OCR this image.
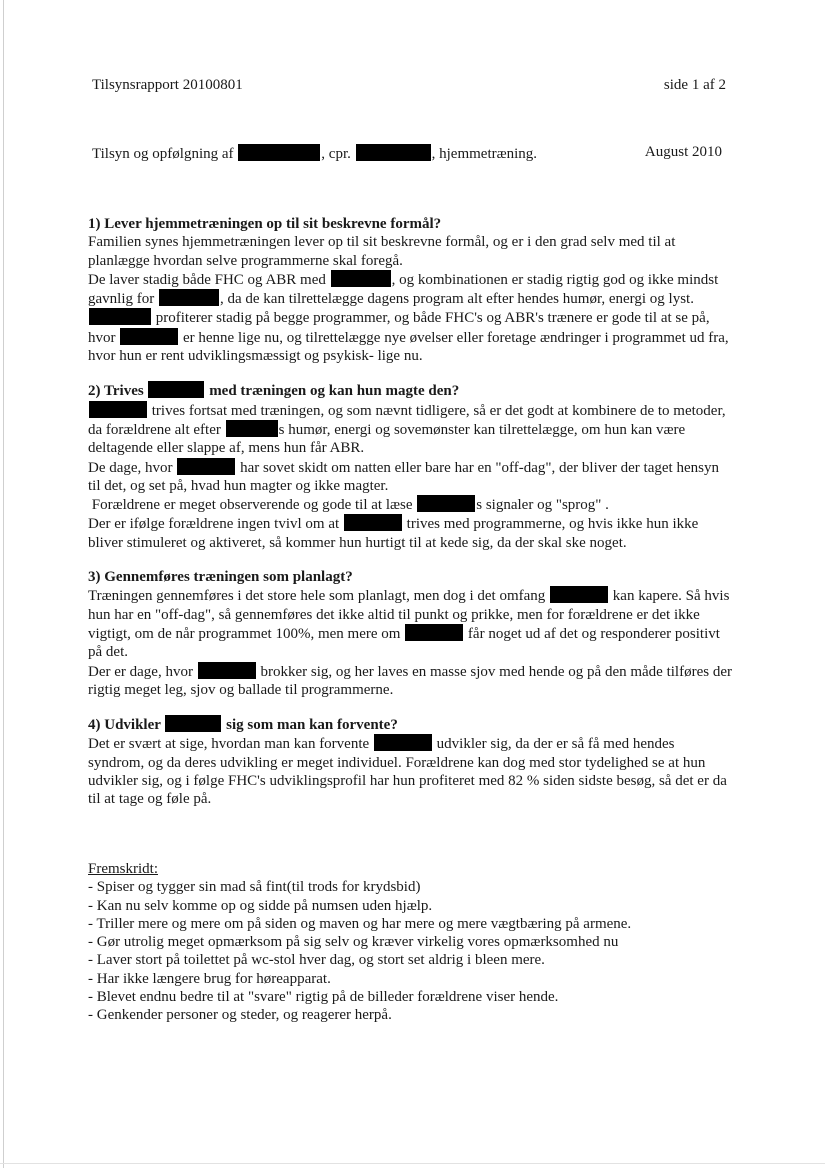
Tilsynsrapport 20100801	side 1 af 2
Tilsyn og opfølgning af	, cpr.	, hjemmetræning.	August 2010
1) Lever hjemmetræningen op til sit beskrevne formål?

Familien synes hjemmetræningen lever op til sit beskrevne formål, og er i den grad selv med til at planlægge hvordan selve programmerne skal foregå.

De laver stadig både FHC og ABR med	, og kombinationen er stadig rigtig god og ikke mindst gavnlig for	, da de kan tilrettelægge dagens program alt efter hendes humør, energi og lyst.

profiterer stadig på begge programmer, og både FHC's og ABR's trænere er gode til at se på, hvor	er henne lige nu, og tilrettelægge nye øvelser eller foretage ændringer i programmet ud fra, hvor hun er rent udviklingsmæssigt og psykisk- lige nu.

2) Trives	med træningen og kan hun magte den?

trives fortsat med træningen, og som nævnt tidligere, så er det godt at kombinere de to metoder, da forældrene alt efter	s humør, energi og sovemønster kan tilrettelægge, om hun kan være deltagende eller slappe af, mens hun får ABR.

De dage, hvor	har sovet skidt om natten eller bare har en "off-dag", der bliver der taget hensyn til det, og set på, hvad hun magter og ikke magter.

Forældrene er meget observerende og gode til at læse	s signaler og "sprog" .

Der er ifølge forældrene ingen tvivl om at	trives med programmerne, og hvis ikke hun ikke bliver stimuleret og aktiveret, så kommer hun hurtigt til at kede sig, da der skal ske noget.

3) Gennemføres træningen som planlagt?

Træningen gennemføres i det store hele som planlagt, men dog i det omfang	kan kapere. Så hvis hun har en "off-dag", så gennemføres det ikke altid til punkt og prikke, men for forældrene er det ikke vigtigt, om de når programmet 100%, men mere om	får noget ud af det og responderer positivt på det.

Der er dage, hvor	brokker sig, og her laves en masse sjov med hende og på den måde tilføres der rigtig meget leg, sjov og ballade til programmerne.

4) Udvikler	sig som man kan forvente?

Det er svært at sige, hvordan man kan forvente	udvikler sig, da der er så få med hendes syndrom, og da deres udvikling er meget individuel. Forældrene kan dog med stor tydelighed se at hun udvikler sig, og i følge FHC's udviklingsprofil har hun profiteret med 82 % siden sidste besøg, så det er da til at tage og føle på.

Fremskridt:
- Spiser og tygger sin mad så fint(til trods for krydsbid)
- Kan nu selv komme op og sidde på numsen uden hjælp.
- Triller mere og mere om på siden og maven og har mere og mere vægtbæring på armene.
- Gør utrolig meget opmærksom på sig selv og kræver virkelig vores opmærksomhed nu
- Laver stort på toilettet på wc-stol hver dag, og stort set aldrig i bleen mere.
- Har ikke længere brug for høreapparat.
- Blevet endnu bedre til at "svare" rigtig på de billeder forældrene viser hende.
- Genkender personer og steder, og reagerer herpå.
